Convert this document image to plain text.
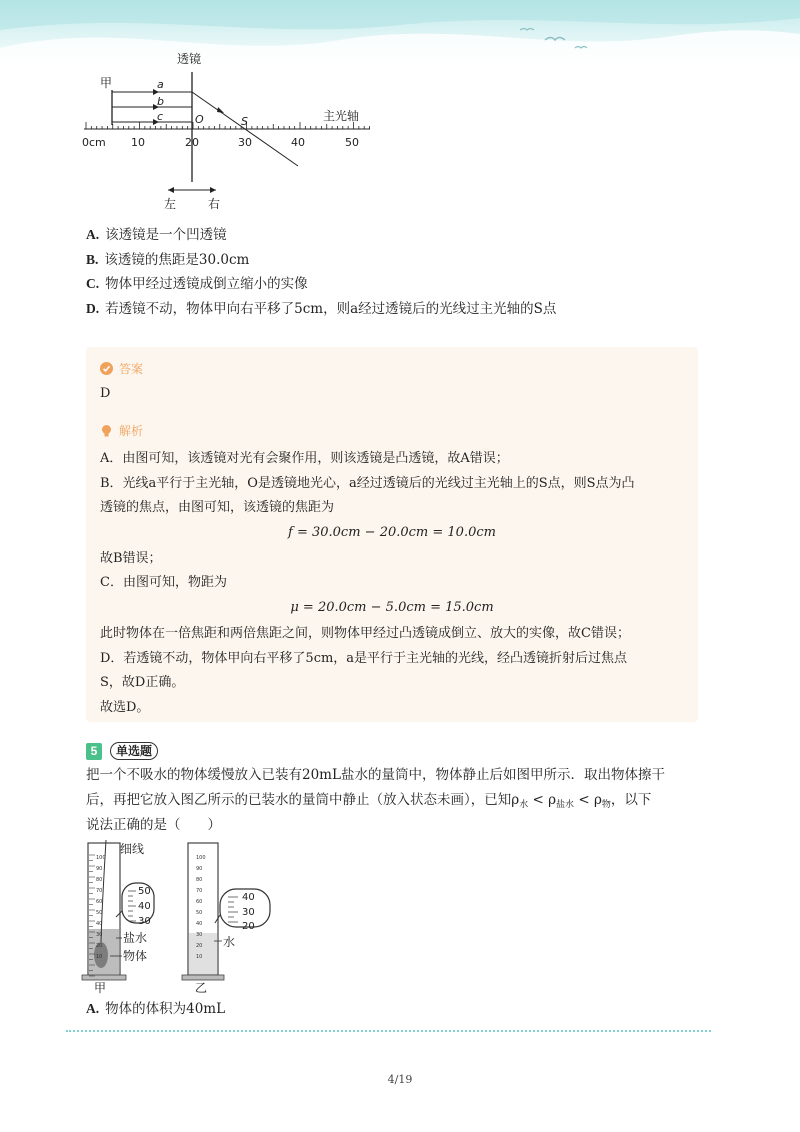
透镜
甲	a
b
c	O	S	主光轴
0cm 10	20	30	40	50
左	右
A. 该透镜是一个凹透镜
B. 该透镜的焦距是30.0cm
C. 物体甲经过透镜成倒立缩小的实像
D. 若透镜不动，物体甲向右平移了5cm，则a经过透镜后的光线过主光轴的S点
答案
D
解析
A．由图可知，该透镜对光有会聚作用，则该透镜是凸透镜，故A错误；
B．光线a平行于主光轴，O是透镜地光心，a经过透镜后的光线过主光轴上的S点，则S点为凸
透镜的焦点，由图可知，该透镜的焦距为
f = 30.0cm − 20.0cm = 10.0cm
故B错误；
C．由图可知，物距为
μ = 20.0cm − 5.0cm = 15.0cm
此时物体在一倍焦距和两倍焦距之间，则物体甲经过凸透镜成倒立、放大的实像，故C错误；
D．若透镜不动，物体甲向右平移了5cm，a是平行于主光轴的光线，经凸透镜折射后过焦点
S，故D正确。
故选D。
5	单选题
把一个不吸水的物体缓慢放入已装有20mL盐水的量筒中，物体静止后如图甲所示．取出物体擦干
后，再把它放入图乙所示的已装水的量筒中静止（放入状态未画），已知$\rho_水 < \rho_{盐水} < \rho_物$，以下
说法正确的是（　　）
100
90
80
70
60
50
40
30
20
10
细线
50
40
30
盐水
物体
甲
100
90
80
70
60
50
40
30
20
10
40
30
20
水
乙
A. 物体的体积为40mL
4/19
